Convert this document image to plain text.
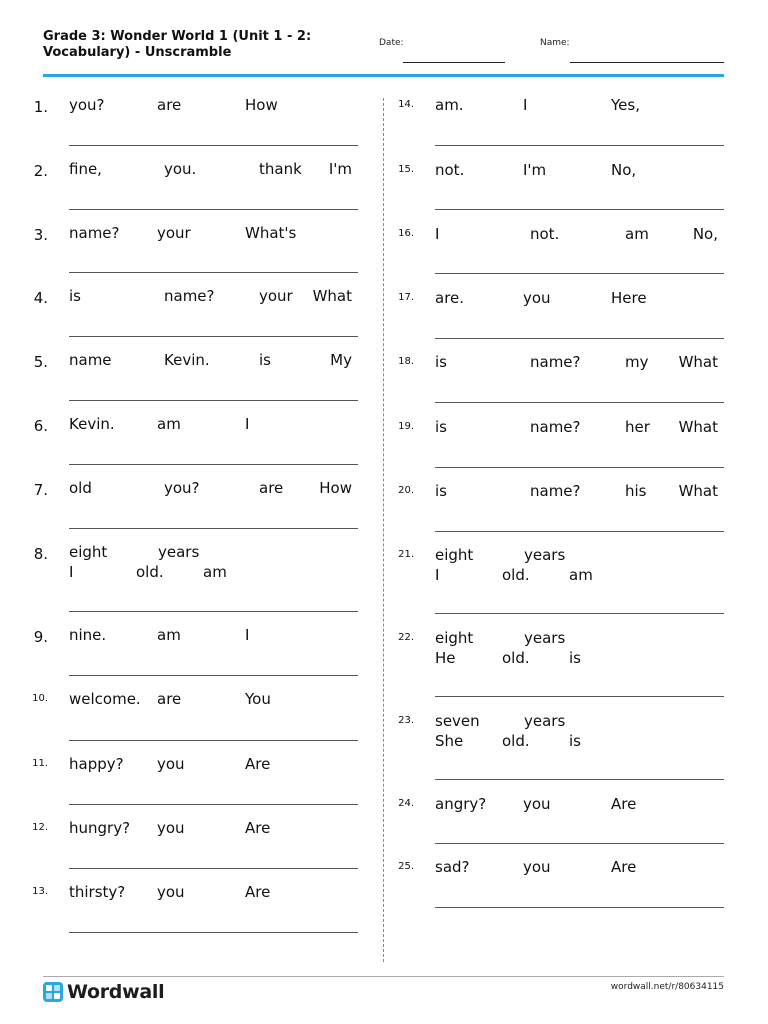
Grade 3: Wonder World 1 (Unit 1 - 2:
Vocabulary) - Unscramble
Date:	Name:
1. you?	are	How
2. fine,	you.	thank I'm
3. name? your	What's
4. is	name?	your What
5. name	Kevin.	is	My
6. Kevin.	am	I
7. old	you?	are How
8. eight	years
I	old.	am
9. nine.	am	I
10. welcome. are	You
11. happy? you	Are
12. hungry? you	Are
13. thirsty? you	Are
14. am.	I	Yes,
15. not.	I'm	No,
16. I	not.	am	No,
17. are.	you	Here
18. is	name?	my What
19. is	name?	her What
20. is	name?	his What
21. eight	years
I	old.	am
22. eight	years
He	old.	is
23. seven	years
She	old.	is
24. angry? you	Are
25. sad?	you	Are
Wordwall	wordwall.net/r/80634115
